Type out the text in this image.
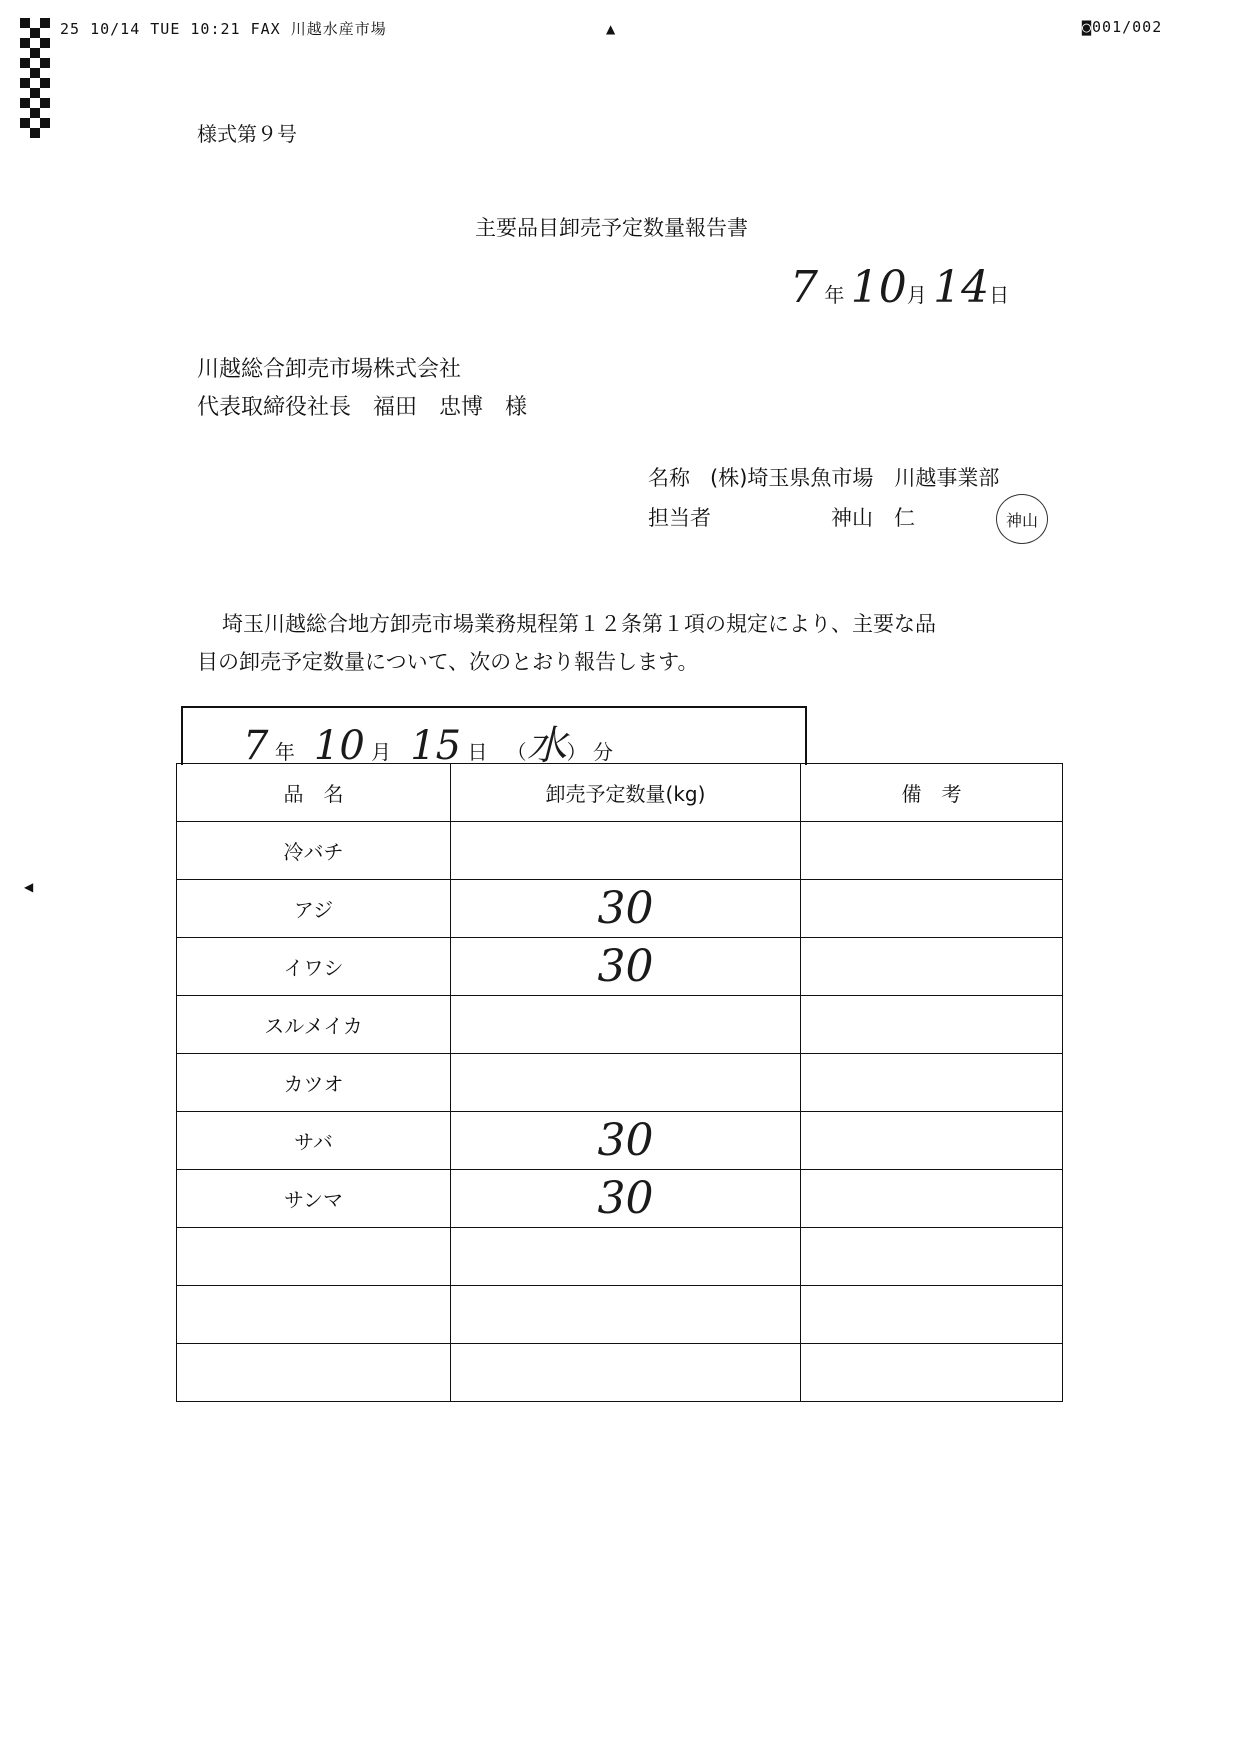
25 10/14 TUE 10:21 FAX 川越水産市場	▲	◙001/002
◀
様式第９号
主要品目卸売予定数量報告書
7 年 10月 14日
川越総合卸売市場株式会社
代表取締役社長　福田　忠博　様
名称 (株)埼玉県魚市場　川越事業部
担当者	神山　仁	神山
埼玉川越総合地方卸売市場業務規程第１２条第１項の規定により、主要な品
目の卸売予定数量について、次のとおり報告します。
7 年 10 月 15 日 （水） 分
品　名	卸売予定数量(kg)	備　考
冷バチ		
アジ	30	
イワシ	30	
スルメイカ		
カツオ		
サバ	30	
サンマ	30	
